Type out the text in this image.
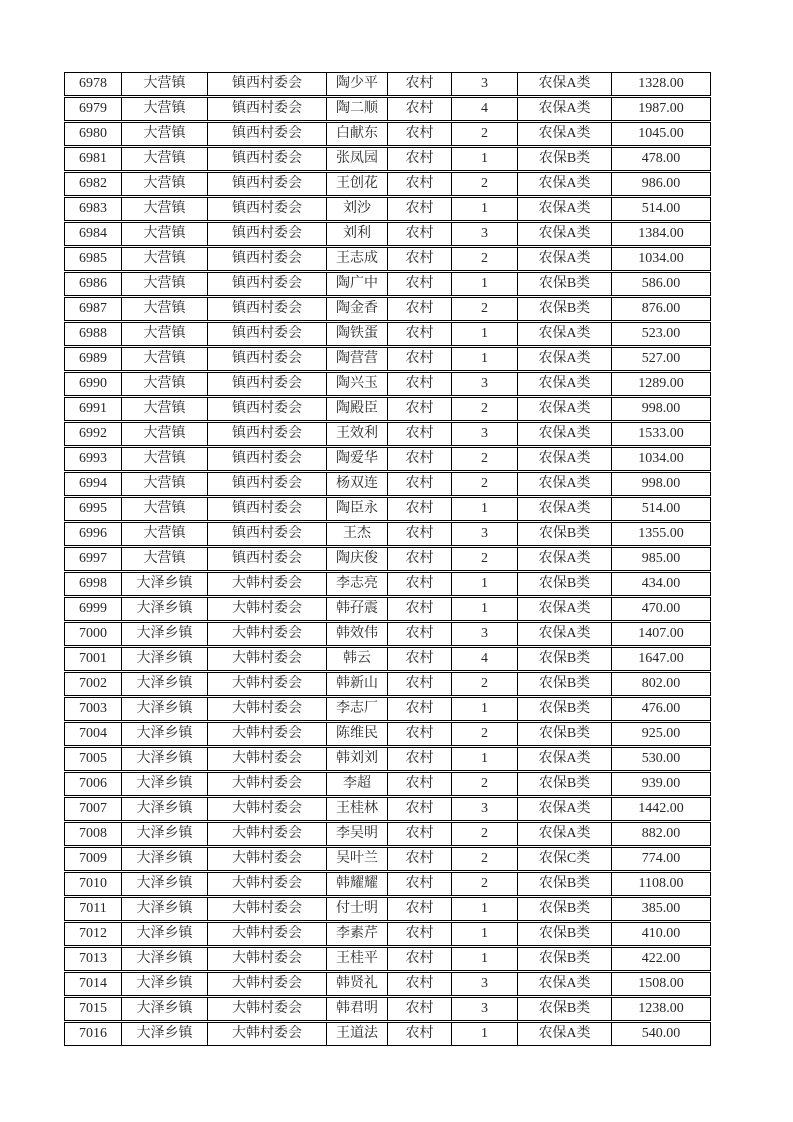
6978	大营镇	镇西村委会	陶少平	农村	3	农保A类	1328.00
6979	大营镇	镇西村委会	陶二顺	农村	4	农保A类	1987.00
6980	大营镇	镇西村委会	白献东	农村	2	农保A类	1045.00
6981	大营镇	镇西村委会	张凤园	农村	1	农保B类	478.00
6982	大营镇	镇西村委会	王创花	农村	2	农保A类	986.00
6983	大营镇	镇西村委会	刘沙	农村	1	农保A类	514.00
6984	大营镇	镇西村委会	刘利	农村	3	农保A类	1384.00
6985	大营镇	镇西村委会	王志成	农村	2	农保A类	1034.00
6986	大营镇	镇西村委会	陶广中	农村	1	农保B类	586.00
6987	大营镇	镇西村委会	陶金香	农村	2	农保B类	876.00
6988	大营镇	镇西村委会	陶铁蛋	农村	1	农保A类	523.00
6989	大营镇	镇西村委会	陶营营	农村	1	农保A类	527.00
6990	大营镇	镇西村委会	陶兴玉	农村	3	农保A类	1289.00
6991	大营镇	镇西村委会	陶殿臣	农村	2	农保A类	998.00
6992	大营镇	镇西村委会	王效利	农村	3	农保A类	1533.00
6993	大营镇	镇西村委会	陶爱华	农村	2	农保A类	1034.00
6994	大营镇	镇西村委会	杨双连	农村	2	农保A类	998.00
6995	大营镇	镇西村委会	陶臣永	农村	1	农保A类	514.00
6996	大营镇	镇西村委会	王杰	农村	3	农保B类	1355.00
6997	大营镇	镇西村委会	陶庆俊	农村	2	农保A类	985.00
6998	大泽乡镇	大韩村委会	李志亮	农村	1	农保B类	434.00
6999	大泽乡镇	大韩村委会	韩孖震	农村	1	农保A类	470.00
7000	大泽乡镇	大韩村委会	韩效伟	农村	3	农保A类	1407.00
7001	大泽乡镇	大韩村委会	韩云	农村	4	农保B类	1647.00
7002	大泽乡镇	大韩村委会	韩新山	农村	2	农保B类	802.00
7003	大泽乡镇	大韩村委会	李志厂	农村	1	农保B类	476.00
7004	大泽乡镇	大韩村委会	陈维民	农村	2	农保B类	925.00
7005	大泽乡镇	大韩村委会	韩刘刘	农村	1	农保A类	530.00
7006	大泽乡镇	大韩村委会	李超	农村	2	农保B类	939.00
7007	大泽乡镇	大韩村委会	王桂林	农村	3	农保A类	1442.00
7008	大泽乡镇	大韩村委会	李吴明	农村	2	农保A类	882.00
7009	大泽乡镇	大韩村委会	吴叶兰	农村	2	农保C类	774.00
7010	大泽乡镇	大韩村委会	韩耀耀	农村	2	农保B类	1108.00
7011	大泽乡镇	大韩村委会	付士明	农村	1	农保B类	385.00
7012	大泽乡镇	大韩村委会	李素芹	农村	1	农保B类	410.00
7013	大泽乡镇	大韩村委会	王桂平	农村	1	农保B类	422.00
7014	大泽乡镇	大韩村委会	韩贤礼	农村	3	农保A类	1508.00
7015	大泽乡镇	大韩村委会	韩君明	农村	3	农保B类	1238.00
7016	大泽乡镇	大韩村委会	王道法	农村	1	农保A类	540.00
